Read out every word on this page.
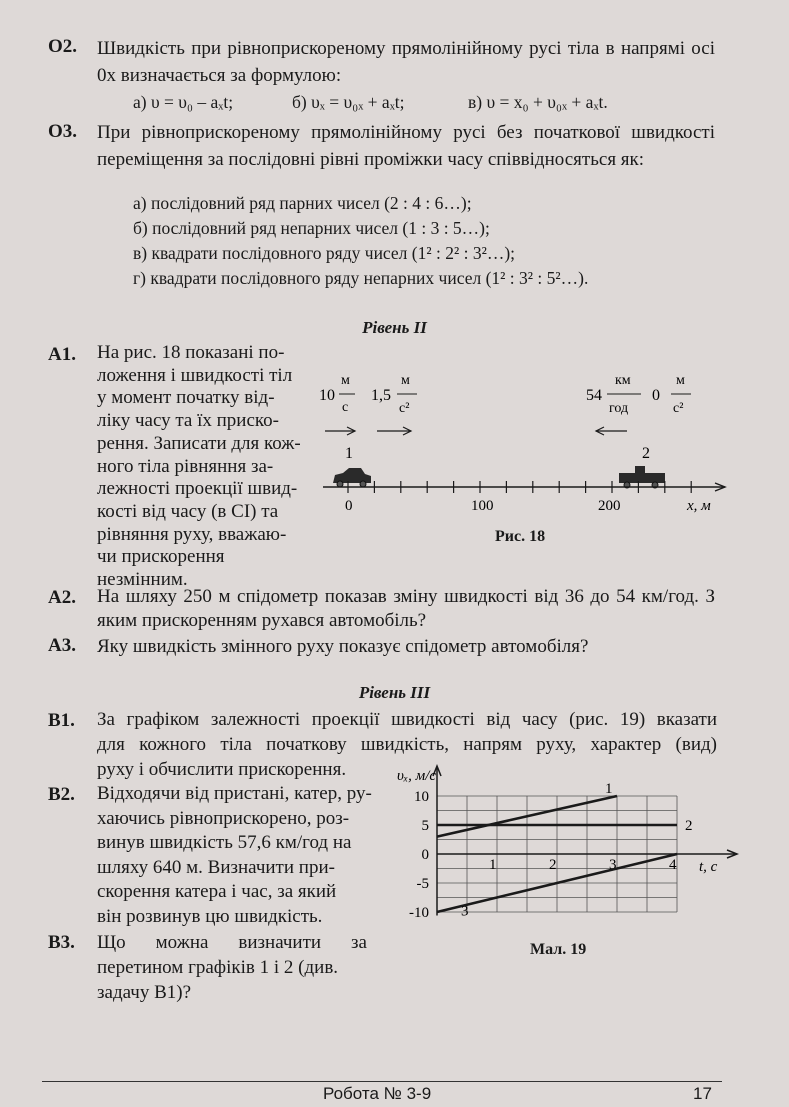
О2. Швидкість при рівноприскореному прямолінійному русі тіла в напрямі осі 0x визначається за формулою:
а) υ = υ₀ – aₓt;	б) υₓ = υ₀ₓ + aₓt;	в) υ = x₀ + υ₀ₓ + aₓt.
О3. При рівноприскореному прямолінійному русі без початкової швидкості переміщення за послідовні рівні проміжки часу співвідносяться як:
а) послідовний ряд парних чисел (2 : 4 : 6…);
б) послідовний ряд непарних чисел (1 : 3 : 5…);
в) квадрати послідовного ряду чисел (1² : 2² : 3²…);
г) квадрати послідовного ряду непарних чисел (1² : 3² : 5²…).
Рівень II
А1. На рис. 18 показані по-
ложення і швидкості тіл
у момент початку від-
ліку часу та їх приско-
рення. Записати для кож-
ного тіла рівняння за-
лежності проекції швид-
кості від часу (в СІ) та
рівняння руху, вважаю-
чи прискорення незмінним.
10
м
с
1,5
м
с²
54
км
год
0
м
с²
1	2
0	100	200	x, м
Рис. 18
А2. На шляху 250 м спідометр показав зміну швидкості від 36 до 54 км/год. З яким прискоренням рухався автомобіль?
А3. Яку швидкість змінного руху показує спідометр автомобіля?
Рівень III
В1. За графіком залежності проекції швидкості від часу (рис. 19) вказати
для кожного тіла початкову швидкість, напрям руху, характер (вид)
руху і обчислити прискорення.
В2. Відходячи від пристані, катер, ру-
хаючись рівноприскорено, роз-
винув швидкість 57,6 км/год на
шляху 640 м. Визначити при-
скорення катера і час, за який
він розвинув цю швидкість.
В3. Що можна визначити за
перетином графіків 1 і 2 (див.
задачу В1)?
10
5
0
-5
-10
1	2	3	4
1
2
3
υₓ, м/с
t, с
Мал. 19
Робота № 3-9	17
